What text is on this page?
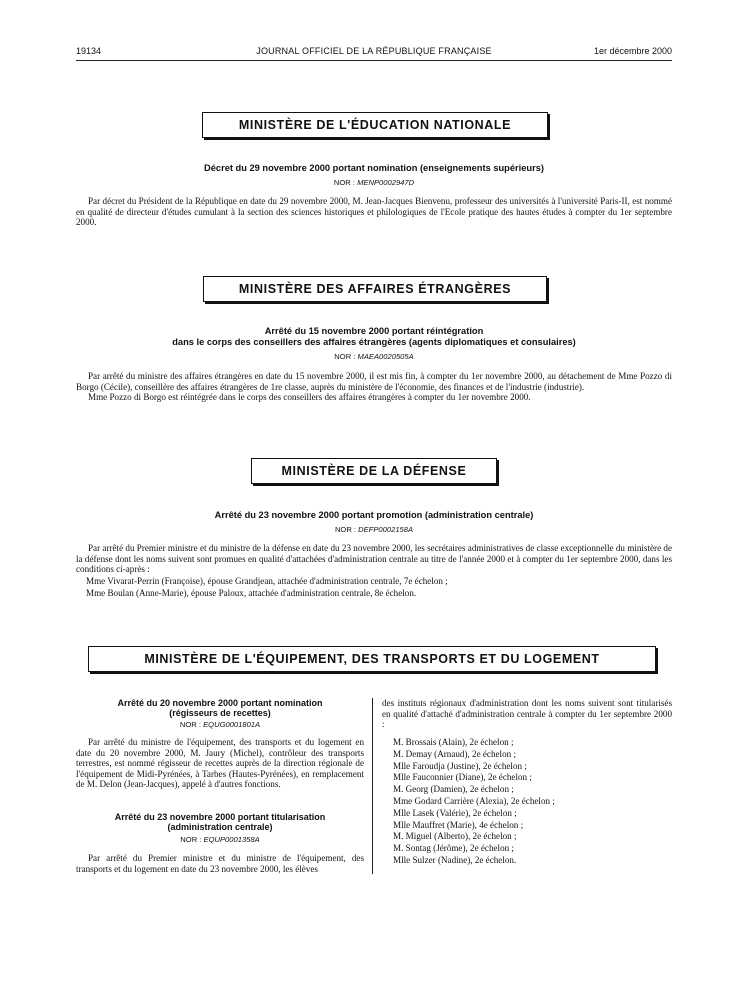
19134	JOURNAL OFFICIEL DE LA RÉPUBLIQUE FRANÇAISE	1er décembre 2000
MINISTÈRE DE L'ÉDUCATION NATIONALE
Décret du 29 novembre 2000 portant nomination (enseignements supérieurs)
NOR : MENP0002947D

Par décret du Président de la République en date du 29 novembre 2000, M. Jean-Jacques Bienvenu, professeur des universités à l'université Paris-II, est nommé en qualité de directeur d'études cumulant à la section des sciences historiques et philologiques de l'Ecole pratique des hautes études à compter du 1er septembre 2000.

MINISTÈRE DES AFFAIRES ÉTRANGÈRES
Arrêté du 15 novembre 2000 portant réintégration
dans le corps des conseillers des affaires étrangères (agents diplomatiques et consulaires)
NOR : MAEA0020505A

Par arrêté du ministre des affaires étrangères en date du 15 novembre 2000, il est mis fin, à compter du 1er novembre 2000, au détachement de Mme Pozzo di Borgo (Cécile), conseillère des affaires étrangères de 1re classe, auprès du ministère de l'économie, des finances et de l'industrie (industrie).

Mme Pozzo di Borgo est réintégrée dans le corps des conseillers des affaires étrangères à compter du 1er novembre 2000.

MINISTÈRE DE LA DÉFENSE
Arrêté du 23 novembre 2000 portant promotion (administration centrale)
NOR : DEFP0002158A

Par arrêté du Premier ministre et du ministre de la défense en date du 23 novembre 2000, les secrétaires administratives de classe exceptionnelle du ministère de la défense dont les noms suivent sont promues en qualité d'attachées d'administration centrale au titre de l'année 2000 et à compter du 1er septembre 2000, dans les conditions ci-après :

Mme Vivarat-Perrin (Françoise), épouse Grandjean, attachée d'administration centrale, 7e échelon ;
Mme Boulan (Anne-Marie), épouse Paloux, attachée d'administration centrale, 8e échelon.
MINISTÈRE DE L'ÉQUIPEMENT, DES TRANSPORTS ET DU LOGEMENT
Arrêté du 20 novembre 2000 portant nomination
(régisseurs de recettes)
NOR : EQUG0001801A

Par arrêté du ministre de l'équipement, des transports et du logement en date du 20 novembre 2000, M. Jaury (Michel), contrôleur des transports terrestres, est nommé régisseur de recettes auprès de la direction régionale de l'équipement de Midi-Pyrénées, à Tarbes (Hautes-Pyrénées), en remplacement de M. Delon (Jean-Jacques), appelé à d'autres fonctions.

Arrêté du 23 novembre 2000 portant titularisation
(administration centrale)
NOR : EQUP0001358A

Par arrêté du Premier ministre et du ministre de l'équipement, des transports et du logement en date du 23 novembre 2000, les élèves

des instituts régionaux d'administration dont les noms suivent sont titularisés en qualité d'attaché d'administration centrale à compter du 1er septembre 2000 :

M. Brossais (Alain), 2e échelon ;
M. Demay (Arnaud), 2e échelon ;
Mlle Faroudja (Justine), 2e échelon ;
Mlle Fauconnier (Diane), 2e échelon ;
M. Georg (Damien), 2e échelon ;
Mme Godard Carrière (Alexia), 2e échelon ;
Mlle Lasek (Valérie), 2e échelon ;
Mlle Mauffret (Marie), 4e échelon ;
M. Miguel (Alberto), 2e échelon ;
M. Sontag (Jérôme), 2e échelon ;
Mlle Sulzer (Nadine), 2e échelon.
